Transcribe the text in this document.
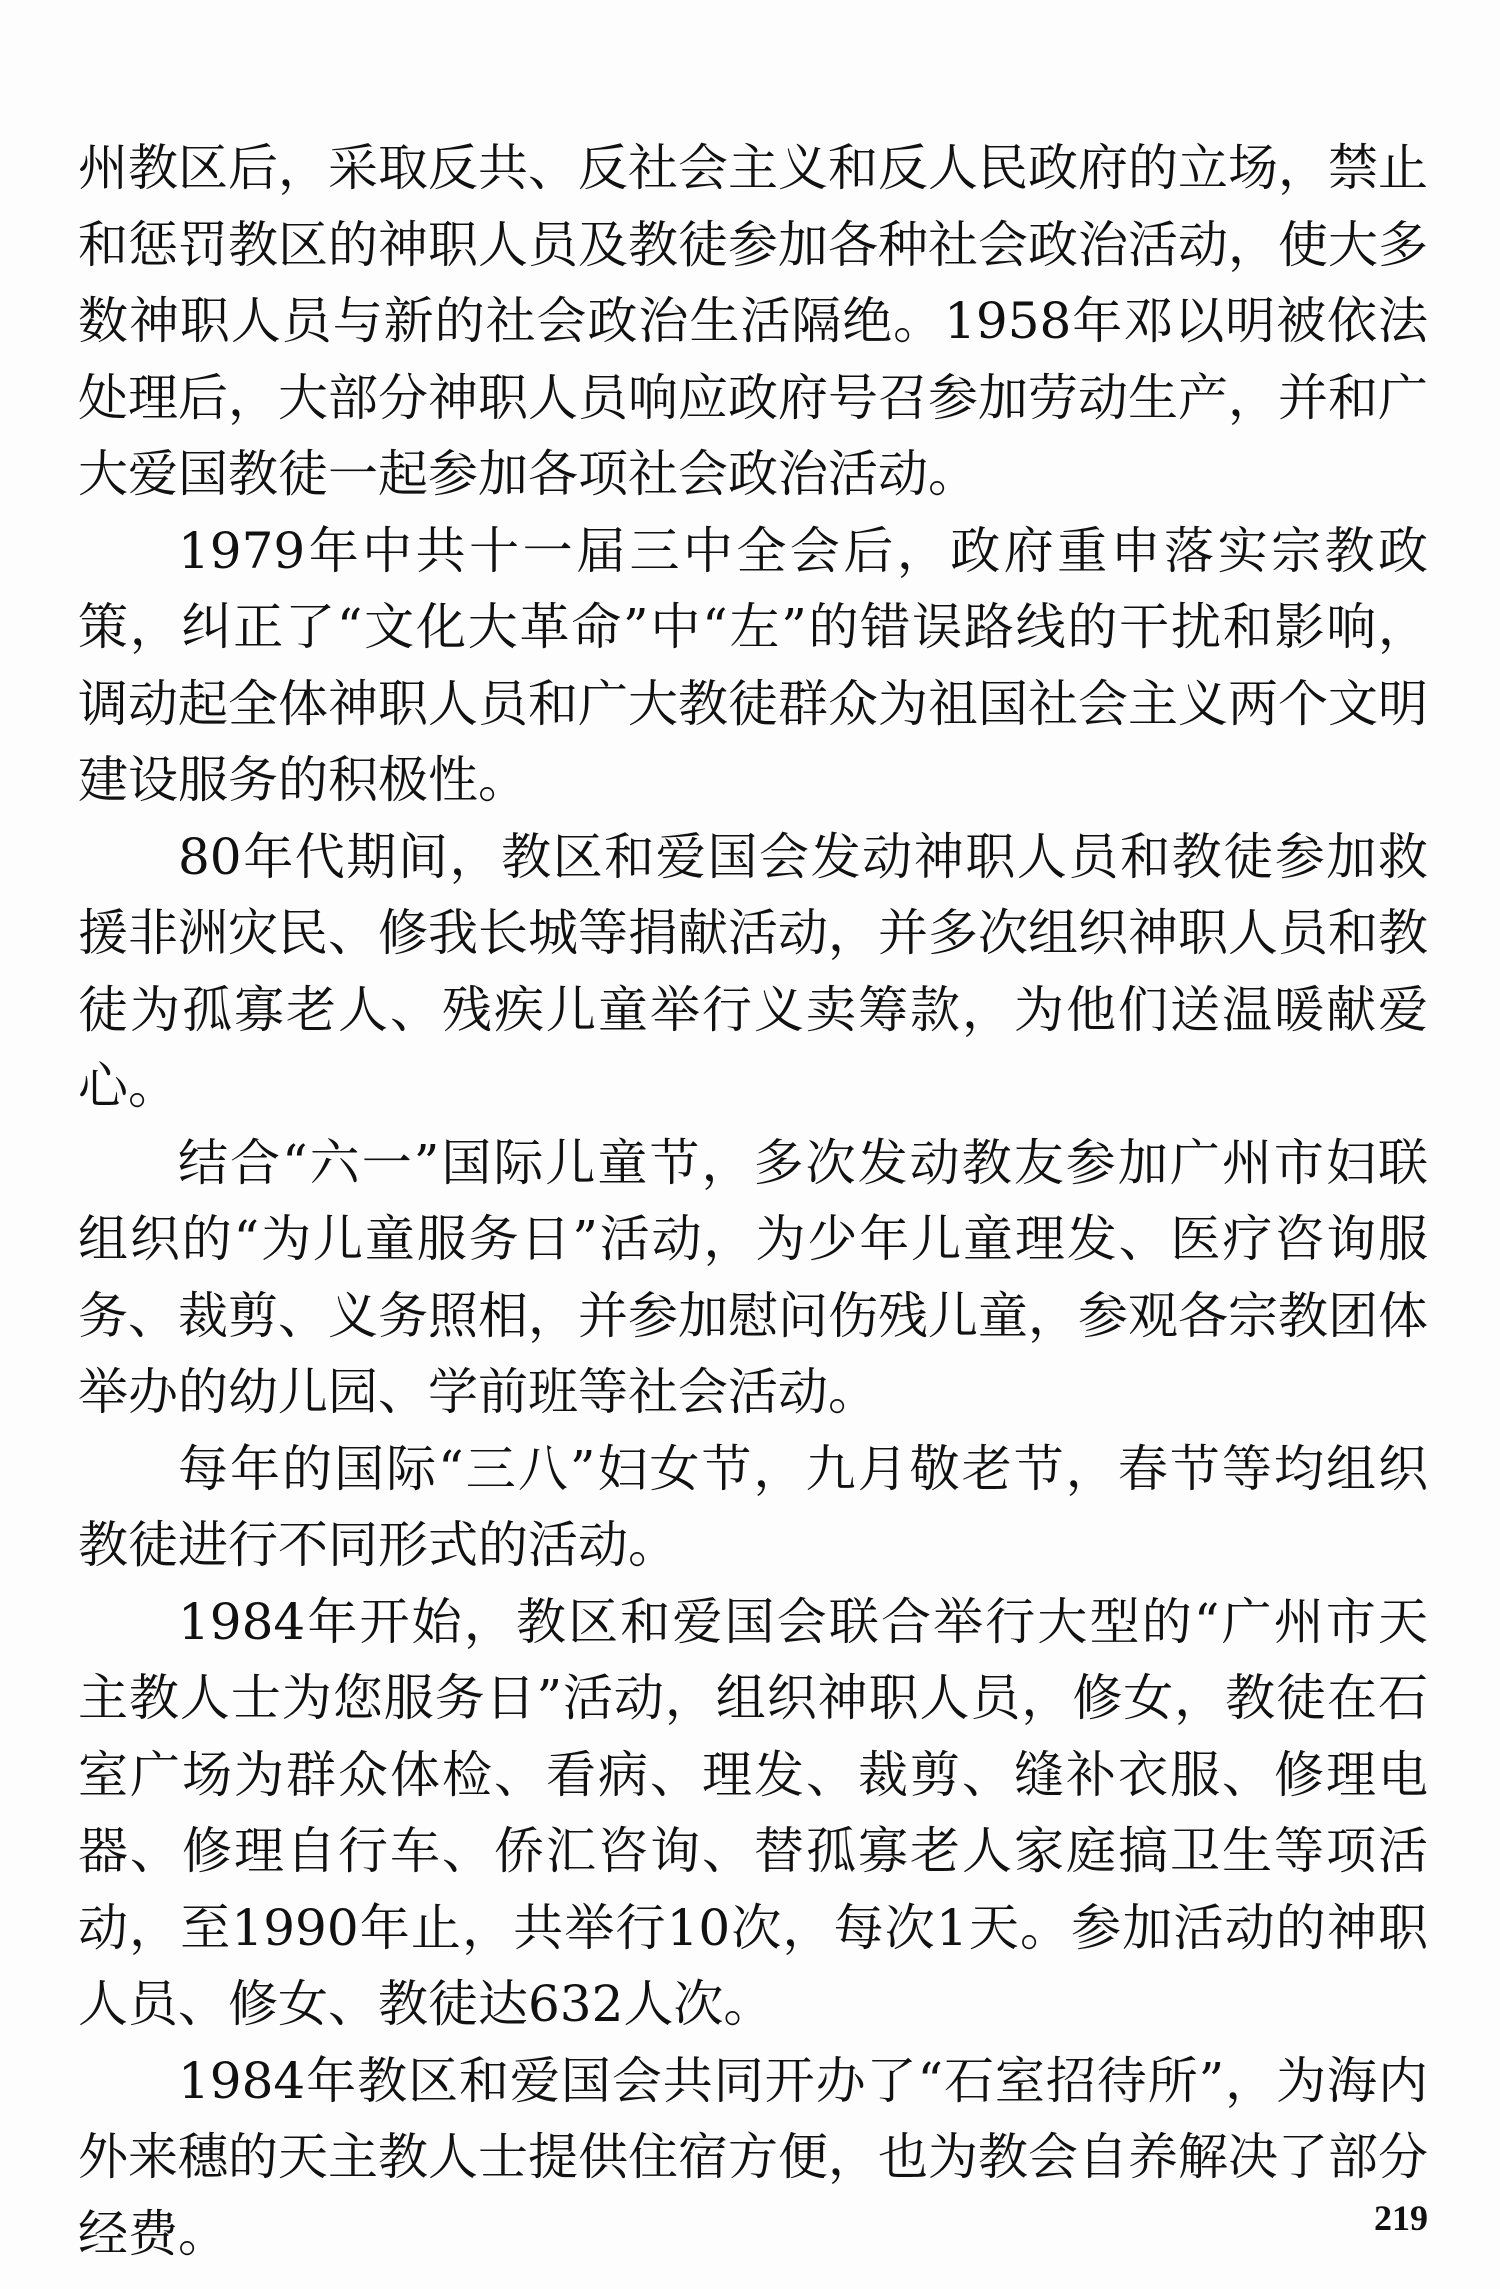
州教区后，采取反共、反社会主义和反人民政府的立场，禁止和惩罚教区的神职人员及教徒参加各种社会政治活动，使大多数神职人员与新的社会政治生活隔绝。1958年邓以明被依法处理后，大部分神职人员响应政府号召参加劳动生产，并和广大爱国教徒一起参加各项社会政治活动。

1979年中共十一届三中全会后，政府重申落实宗教政策，纠正了“文化大革命”中“左”的错误路线的干扰和影响，调动起全体神职人员和广大教徒群众为祖国社会主义两个文明建设服务的积极性。

80年代期间，教区和爱国会发动神职人员和教徒参加救援非洲灾民、修我长城等捐献活动，并多次组织神职人员和教徒为孤寡老人、残疾儿童举行义卖筹款，为他们送温暖献爱心。

结合“六一”国际儿童节，多次发动教友参加广州市妇联组织的“为儿童服务日”活动，为少年儿童理发、医疗咨询服务、裁剪、义务照相，并参加慰问伤残儿童，参观各宗教团体举办的幼儿园、学前班等社会活动。

每年的国际“三八”妇女节，九月敬老节，春节等均组织教徒进行不同形式的活动。

1984年开始，教区和爱国会联合举行大型的“广州市天主教人士为您服务日”活动，组织神职人员，修女，教徒在石室广场为群众体检、看病、理发、裁剪、缝补衣服、修理电器、修理自行车、侨汇咨询、替孤寡老人家庭搞卫生等项活动，至1990年止，共举行10次，每次1天。参加活动的神职人员、修女、教徒达632人次。

1984年教区和爱国会共同开办了“石室招待所”，为海内外来穗的天主教人士提供住宿方便，也为教会自养解决了部分经费。	219
